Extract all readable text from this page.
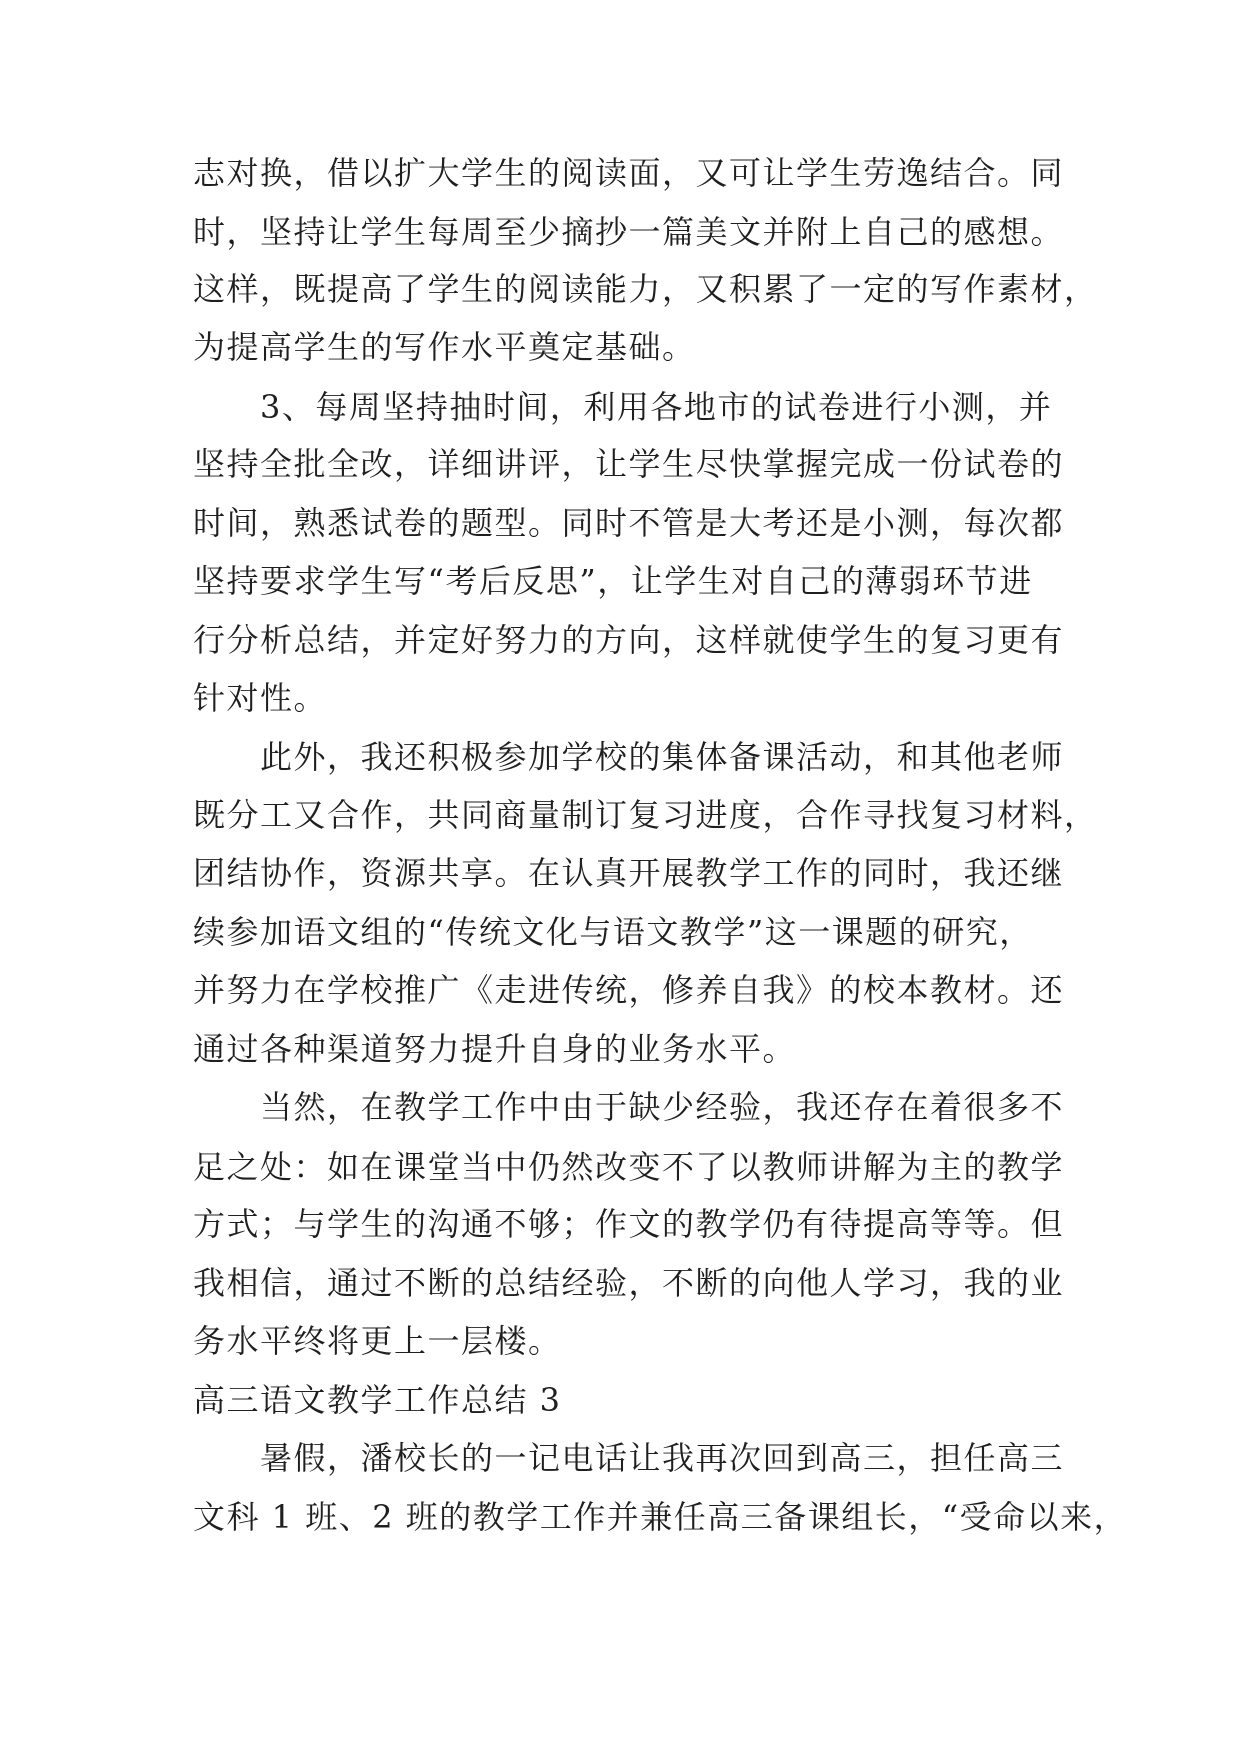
志对换，借以扩大学生的阅读面，又可让学生劳逸结合。同
时，坚持让学生每周至少摘抄一篇美文并附上自己的感想。
这样，既提高了学生的阅读能力，又积累了一定的写作素材，
为提高学生的写作水平奠定基础。
　　3、每周坚持抽时间，利用各地市的试卷进行小测，并
坚持全批全改，详细讲评，让学生尽快掌握完成一份试卷的
时间，熟悉试卷的题型。同时不管是大考还是小测，每次都
坚持要求学生写“考后反思”，让学生对自己的薄弱环节进
行分析总结，并定好努力的方向，这样就使学生的复习更有
针对性。
　　此外，我还积极参加学校的集体备课活动，和其他老师
既分工又合作，共同商量制订复习进度，合作寻找复习材料，
团结协作，资源共享。在认真开展教学工作的同时，我还继
续参加语文组的“传统文化与语文教学”这一课题的研究，
并努力在学校推广《走进传统，修养自我》的校本教材。还
通过各种渠道努力提升自身的业务水平。
　　当然，在教学工作中由于缺少经验，我还存在着很多不
足之处：如在课堂当中仍然改变不了以教师讲解为主的教学
方式；与学生的沟通不够；作文的教学仍有待提高等等。但
我相信，通过不断的总结经验，不断的向他人学习，我的业
务水平终将更上一层楼。
高三语文教学工作总结 3
　　暑假，潘校长的一记电话让我再次回到高三，担任高三
文科 1 班、2 班的教学工作并兼任高三备课组长，“受命以来，
